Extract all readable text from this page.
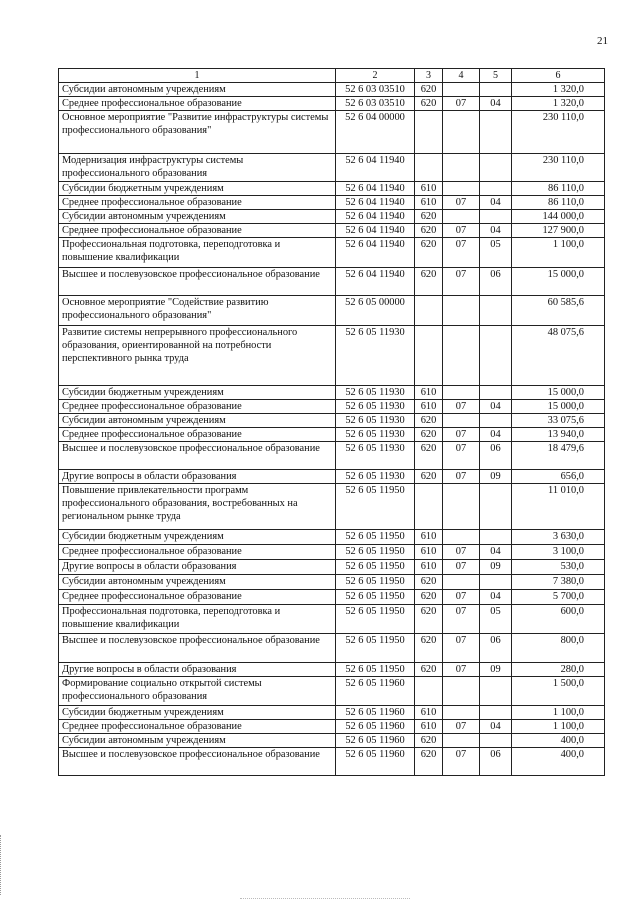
21
1	2	3	4	5	6
Субсидии автономным учреждениям	52 6 03 03510	620			1 320,0
Среднее профессиональное образование	52 6 03 03510	620	07	04	1 320,0
Основное мероприятие "Развитие инфраструктуры системы профессионального образования"	52 6 04 00000				230 110,0
Модернизация инфраструктуры системы профессионального образования	52 6 04 11940				230 110,0
Субсидии бюджетным учреждениям	52 6 04 11940	610			86 110,0
Среднее профессиональное образование	52 6 04 11940	610	07	04	86 110,0
Субсидии автономным учреждениям	52 6 04 11940	620			144 000,0
Среднее профессиональное образование	52 6 04 11940	620	07	04	127 900,0
Профессиональная подготовка, переподготовка и повышение квалификации	52 6 04 11940	620	07	05	1 100,0
Высшее и послевузовское профессиональное образование	52 6 04 11940	620	07	06	15 000,0
Основное мероприятие "Содействие развитию профессионального образования"	52 6 05 00000				60 585,6
Развитие системы непрерывного профессионального образования, ориентированной на потребности перспективного рынка труда	52 6 05 11930				48 075,6
Субсидии бюджетным учреждениям	52 6 05 11930	610			15 000,0
Среднее профессиональное образование	52 6 05 11930	610	07	04	15 000,0
Субсидии автономным учреждениям	52 6 05 11930	620			33 075,6
Среднее профессиональное образование	52 6 05 11930	620	07	04	13 940,0
Высшее и послевузовское профессиональное образование	52 6 05 11930	620	07	06	18 479,6
Другие вопросы в области образования	52 6 05 11930	620	07	09	656,0
Повышение привлекательности программ профессионального образования, востребованных на региональном рынке труда	52 6 05 11950				11 010,0
Субсидии бюджетным учреждениям	52 6 05 11950	610			3 630,0
Среднее профессиональное образование	52 6 05 11950	610	07	04	3 100,0
Другие вопросы в области образования	52 6 05 11950	610	07	09	530,0
Субсидии автономным учреждениям	52 6 05 11950	620			7 380,0
Среднее профессиональное образование	52 6 05 11950	620	07	04	5 700,0
Профессиональная подготовка, переподготовка и повышение квалификации	52 6 05 11950	620	07	05	600,0
Высшее и послевузовское профессиональное образование	52 6 05 11950	620	07	06	800,0
Другие вопросы в области образования	52 6 05 11950	620	07	09	280,0
Формирование социально открытой системы профессионального образования	52 6 05 11960				1 500,0
Субсидии бюджетным учреждениям	52 6 05 11960	610			1 100,0
Среднее профессиональное образование	52 6 05 11960	610	07	04	1 100,0
Субсидии автономным учреждениям	52 6 05 11960	620			400,0
Высшее и послевузовское профессиональное образование	52 6 05 11960	620	07	06	400,0
